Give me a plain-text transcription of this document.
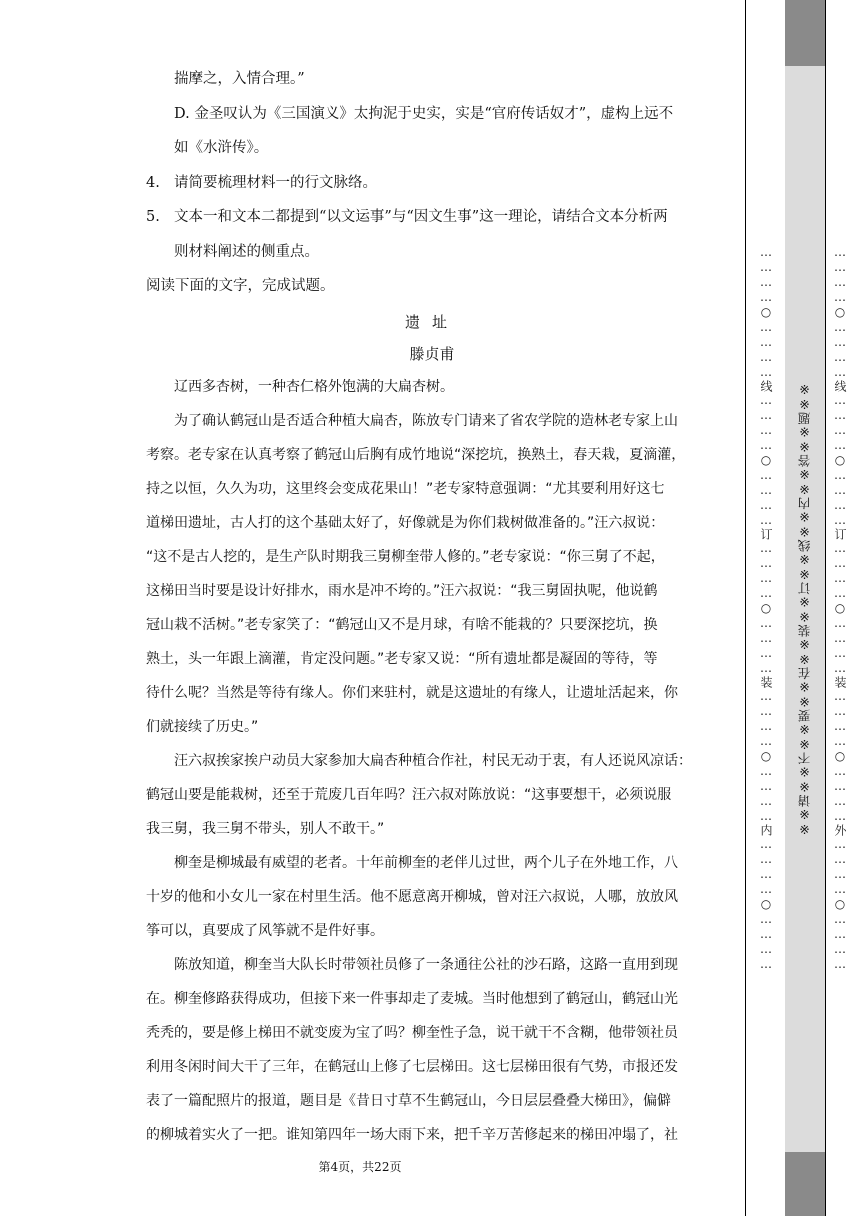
揣摩之，入情合理。”
D. 金圣叹认为《三国演义》太拘泥于史实，实是“官府传话奴才”，虚构上远不
如《水浒传》。
4. 请简要梳理材料一的行文脉络。
5. 文本一和文本二都提到“以文运事”与“因文生事”这一理论，请结合文本分析两
则材料阐述的侧重点。
阅读下面的文字，完成试题。
遗址
滕贞甫
辽西多杏树，一种杏仁格外饱满的大扁杏树。
为了确认鹤冠山是否适合种植大扁杏，陈放专门请来了省农学院的造林老专家上山
考察。老专家在认真考察了鹤冠山后胸有成竹地说“深挖坑，换熟土，春天栽，夏滴灌，
持之以恒，久久为功，这里终会变成花果山！”老专家特意强调：“尤其要利用好这七
道梯田遗址，古人打的这个基础太好了，好像就是为你们栽树做准备的。”汪六叔说：
“这不是古人挖的，是生产队时期我三舅柳奎带人修的。”老专家说：“你三舅了不起，
这梯田当时要是设计好排水，雨水是冲不垮的。”汪六叔说：“我三舅固执呢，他说鹤
冠山栽不活树。”老专家笑了：“鹤冠山又不是月球，有啥不能栽的？只要深挖坑，换
熟土，头一年跟上滴灌，肯定没问题。”老专家又说：“所有遗址都是凝固的等待，等
待什么呢？当然是等待有缘人。你们来驻村，就是这遗址的有缘人，让遗址活起来，你
们就接续了历史。”
汪六叔挨家挨户动员大家参加大扁杏种植合作社，村民无动于衷，有人还说风凉话：
鹤冠山要是能栽树，还至于荒废几百年吗？汪六叔对陈放说：“这事要想干，必须说服
我三舅，我三舅不带头，别人不敢干。”
柳奎是柳城最有威望的老者。十年前柳奎的老伴儿过世，两个儿子在外地工作，八
十岁的他和小女儿一家在村里生活。他不愿意离开柳城，曾对汪六叔说，人哪，放放风
筝可以，真要成了风筝就不是件好事。
陈放知道，柳奎当大队长时带领社员修了一条通往公社的沙石路，这路一直用到现
在。柳奎修路获得成功，但接下来一件事却走了麦城。当时他想到了鹤冠山，鹤冠山光
秃秃的，要是修上梯田不就变废为宝了吗？柳奎性子急，说干就干不含糊，他带领社员
利用冬闲时间大干了三年，在鹤冠山上修了七层梯田。这七层梯田很有气势，市报还发
表了一篇配照片的报道，题目是《昔日寸草不生鹤冠山，今日层层叠叠大梯田》，偏僻
的柳城着实火了一把。谁知第四年一场大雨下来，把千辛万苦修起来的梯田冲塌了，社
第4页，共22页
…………○…………线…………○…………订…………○…………装…………○…………内…………○…………	※※请※※不※※要※※在※※装※※订※※线※※内※※答※※题※※	…………○…………线…………○…………订…………○…………装…………○…………外…………○…………
